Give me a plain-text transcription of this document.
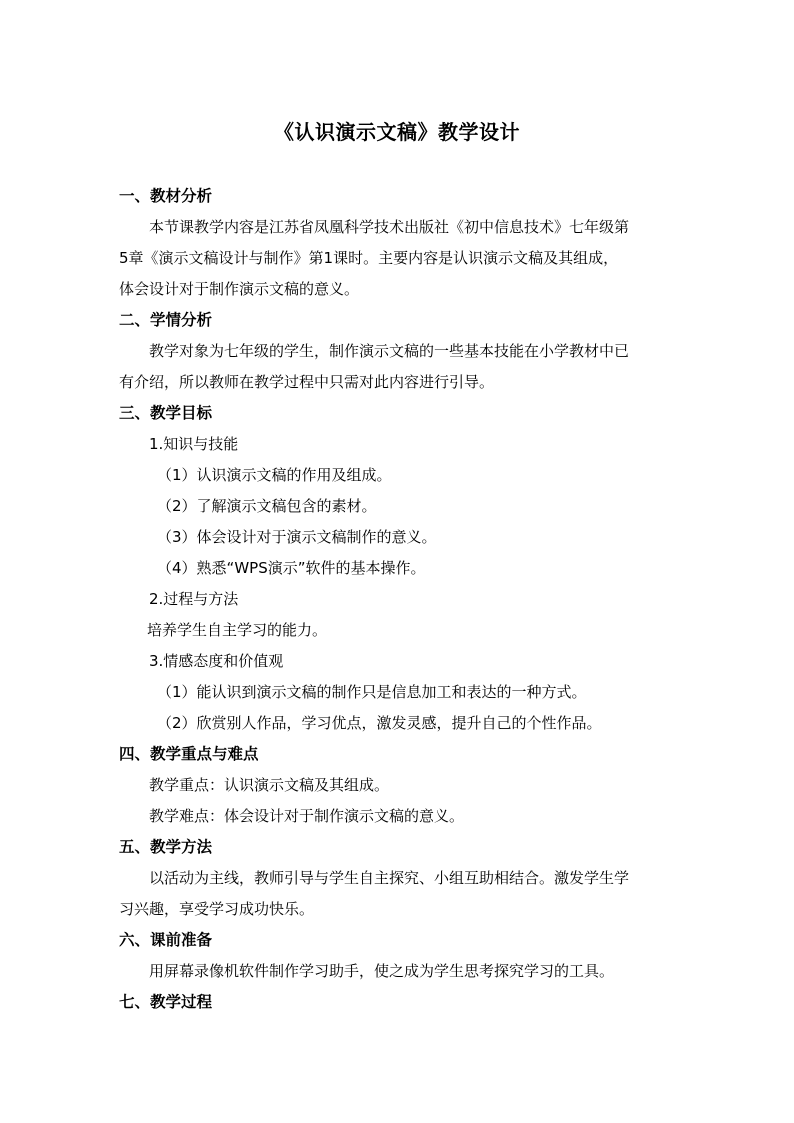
《认识演示文稿》教学设计
一、教材分析
本节课教学内容是江苏省凤凰科学技术出版社《初中信息技术》七年级第
5章《演示文稿设计与制作》第1课时。主要内容是认识演示文稿及其组成，
体会设计对于制作演示文稿的意义。
二、学情分析
教学对象为七年级的学生，制作演示文稿的一些基本技能在小学教材中已
有介绍，所以教师在教学过程中只需对此内容进行引导。
三、教学目标
1.知识与技能
（1）认识演示文稿的作用及组成。
（2）了解演示文稿包含的素材。
（3）体会设计对于演示文稿制作的意义。
（4）熟悉“WPS演示”软件的基本操作。
2.过程与方法
培养学生自主学习的能力。
3.情感态度和价值观
（1）能认识到演示文稿的制作只是信息加工和表达的一种方式。
（2）欣赏别人作品，学习优点，激发灵感，提升自己的个性作品。
四、教学重点与难点
教学重点：认识演示文稿及其组成。
教学难点：体会设计对于制作演示文稿的意义。
五、教学方法
以活动为主线，教师引导与学生自主探究、小组互助相结合。激发学生学
习兴趣，享受学习成功快乐。
六、课前准备
用屏幕录像机软件制作学习助手，使之成为学生思考探究学习的工具。
七、教学过程
